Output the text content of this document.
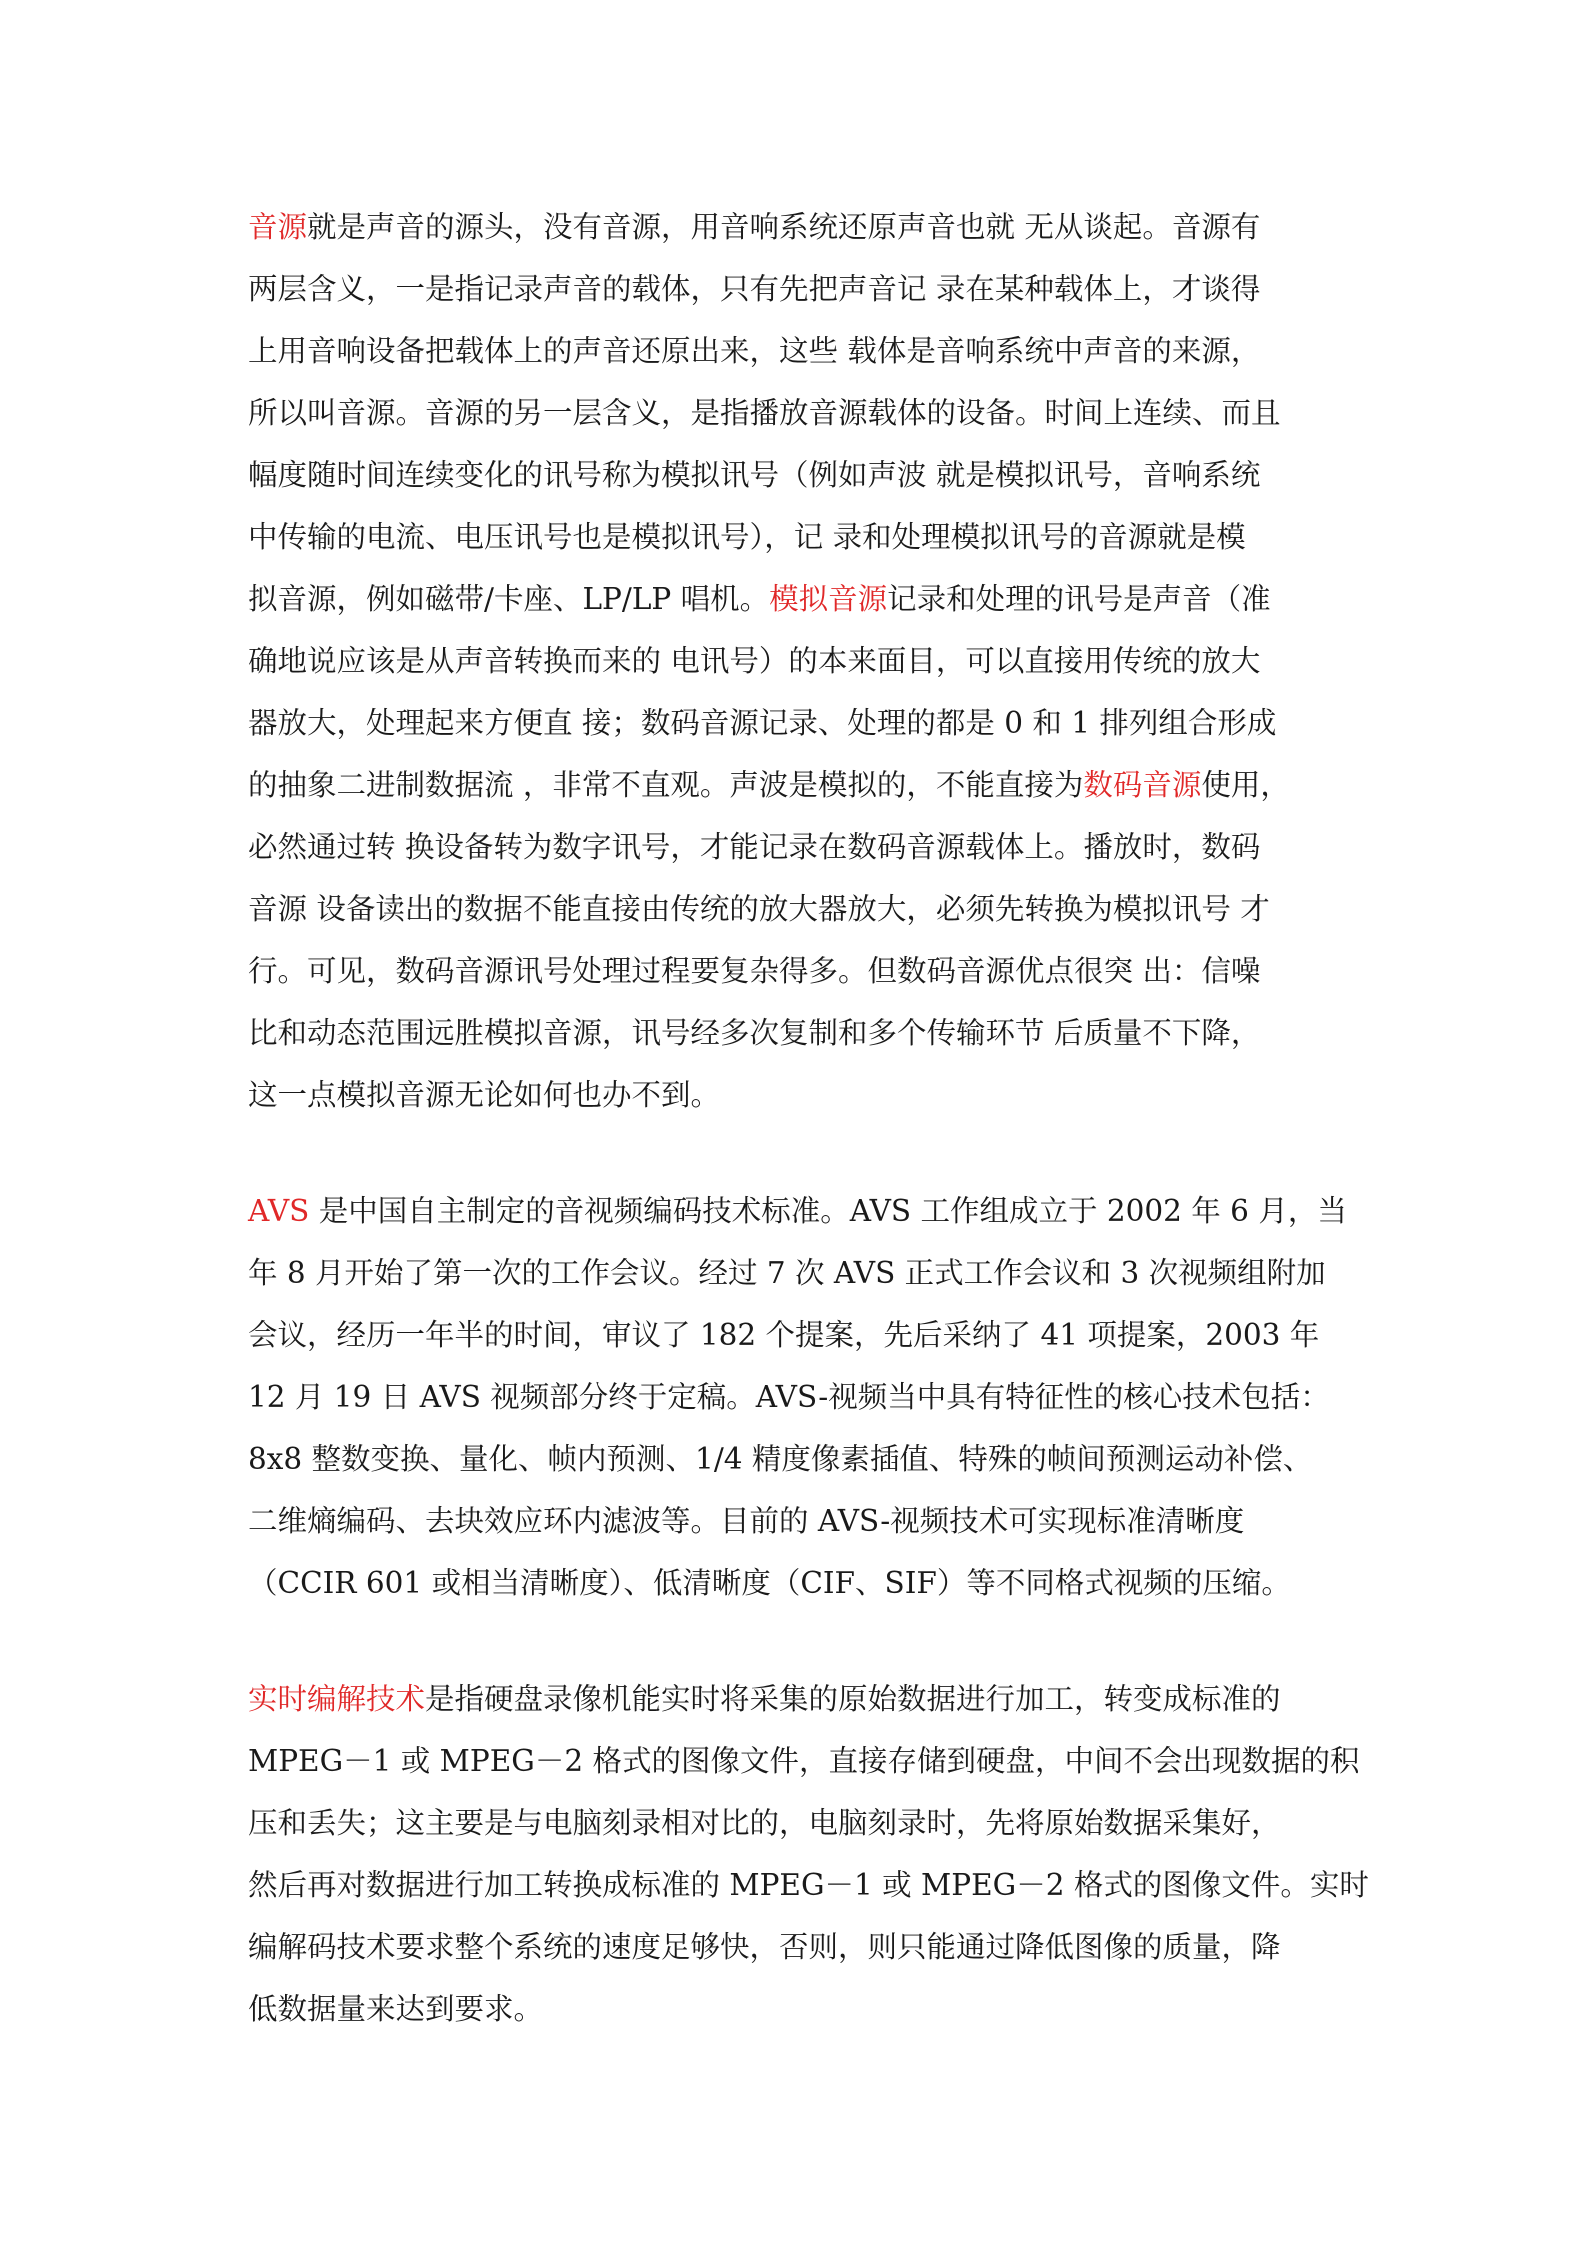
音源就是声音的源头，没有音源，用音响系统还原声音也就 无从谈起。音源有
两层含义，一是指记录声音的载体，只有先把声音记 录在某种载体上，才谈得
上用音响设备把载体上的声音还原出来，这些 载体是音响系统中声音的来源，
所以叫音源。音源的另一层含义，是指播放音源载体的设备。时间上连续、而且
幅度随时间连续变化的讯号称为模拟讯号（例如声波 就是模拟讯号，音响系统
中传输的电流、电压讯号也是模拟讯号），记 录和处理模拟讯号的音源就是模
拟音源，例如磁带/卡座、LP/LP 唱机。模拟音源记录和处理的讯号是声音（准
确地说应该是从声音转换而来的 电讯号）的本来面目，可以直接用传统的放大
器放大，处理起来方便直 接；数码音源记录、处理的都是 0 和 1 排列组合形成
的抽象二进制数据流 ，非常不直观。声波是模拟的，不能直接为数码音源使用，
必然通过转 换设备转为数字讯号，才能记录在数码音源载体上。播放时，数码
音源 设备读出的数据不能直接由传统的放大器放大，必须先转换为模拟讯号 才
行。可见，数码音源讯号处理过程要复杂得多。但数码音源优点很突 出：信噪
比和动态范围远胜模拟音源，讯号经多次复制和多个传输环节 后质量不下降，
这一点模拟音源无论如何也办不到。

AVS 是中国自主制定的音视频编码技术标准。AVS 工作组成立于 2002 年 6 月，当
年 8 月开始了第一次的工作会议。经过 7 次 AVS 正式工作会议和 3 次视频组附加
会议，经历一年半的时间，审议了 182 个提案，先后采纳了 41 项提案，2003 年
12 月 19 日 AVS 视频部分终于定稿。AVS-视频当中具有特征性的核心技术包括：
8x8 整数变换、量化、帧内预测、1/4 精度像素插值、特殊的帧间预测运动补偿、
二维熵编码、去块效应环内滤波等。目前的 AVS-视频技术可实现标准清晰度
（CCIR 601 或相当清晰度）、低清晰度（CIF、SIF）等不同格式视频的压缩。

实时编解技术是指硬盘录像机能实时将采集的原始数据进行加工，转变成标准的
MPEG－1 或 MPEG－2 格式的图像文件，直接存储到硬盘，中间不会出现数据的积
压和丢失；这主要是与电脑刻录相对比的，电脑刻录时，先将原始数据采集好，
然后再对数据进行加工转换成标准的 MPEG－1 或 MPEG－2 格式的图像文件。实时
编解码技术要求整个系统的速度足够快，否则，则只能通过降低图像的质量，降
低数据量来达到要求。
